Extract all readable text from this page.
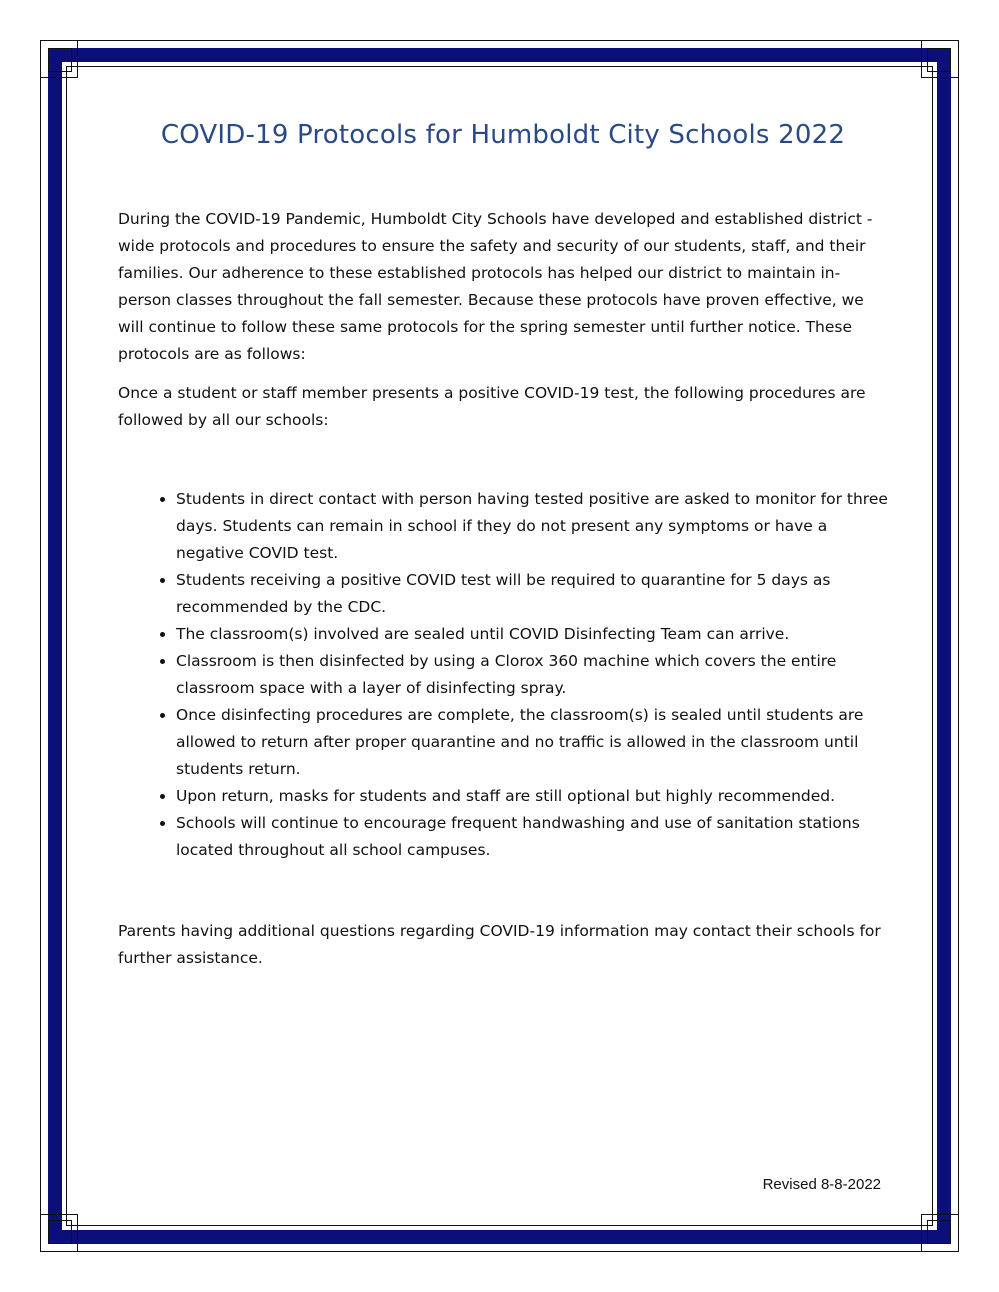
COVID-19 Protocols for Humboldt City Schools 2022

During the COVID-19 Pandemic, Humboldt City Schools have developed and established district -wide protocols and procedures to ensure the safety and security of our students, staff, and their families. Our adherence to these established protocols has helped our district to maintain in-person classes throughout the fall semester. Because these protocols have proven effective, we will continue to follow these same protocols for the spring semester until further notice. These protocols are as follows:

Once a student or staff member presents a positive COVID-19 test, the following procedures are followed by all our schools:

• Students in direct contact with person having tested positive are asked to monitor for three days. Students can remain in school if they do not present any symptoms or have a negative COVID test.
• Students receiving a positive COVID test will be required to quarantine for 5 days as recommended by the CDC.
• The classroom(s) involved are sealed until COVID Disinfecting Team can arrive.
• Classroom is then disinfected by using a Clorox 360 machine which covers the entire classroom space with a layer of disinfecting spray.
• Once disinfecting procedures are complete, the classroom(s) is sealed until students are allowed to return after proper quarantine and no traffic is allowed in the classroom until students return.
• Upon return, masks for students and staff are still optional but highly recommended.
• Schools will continue to encourage frequent handwashing and use of sanitation stations located throughout all school campuses.

Parents having additional questions regarding COVID-19 information may contact their schools for further assistance.

Revised 8-8-2022
